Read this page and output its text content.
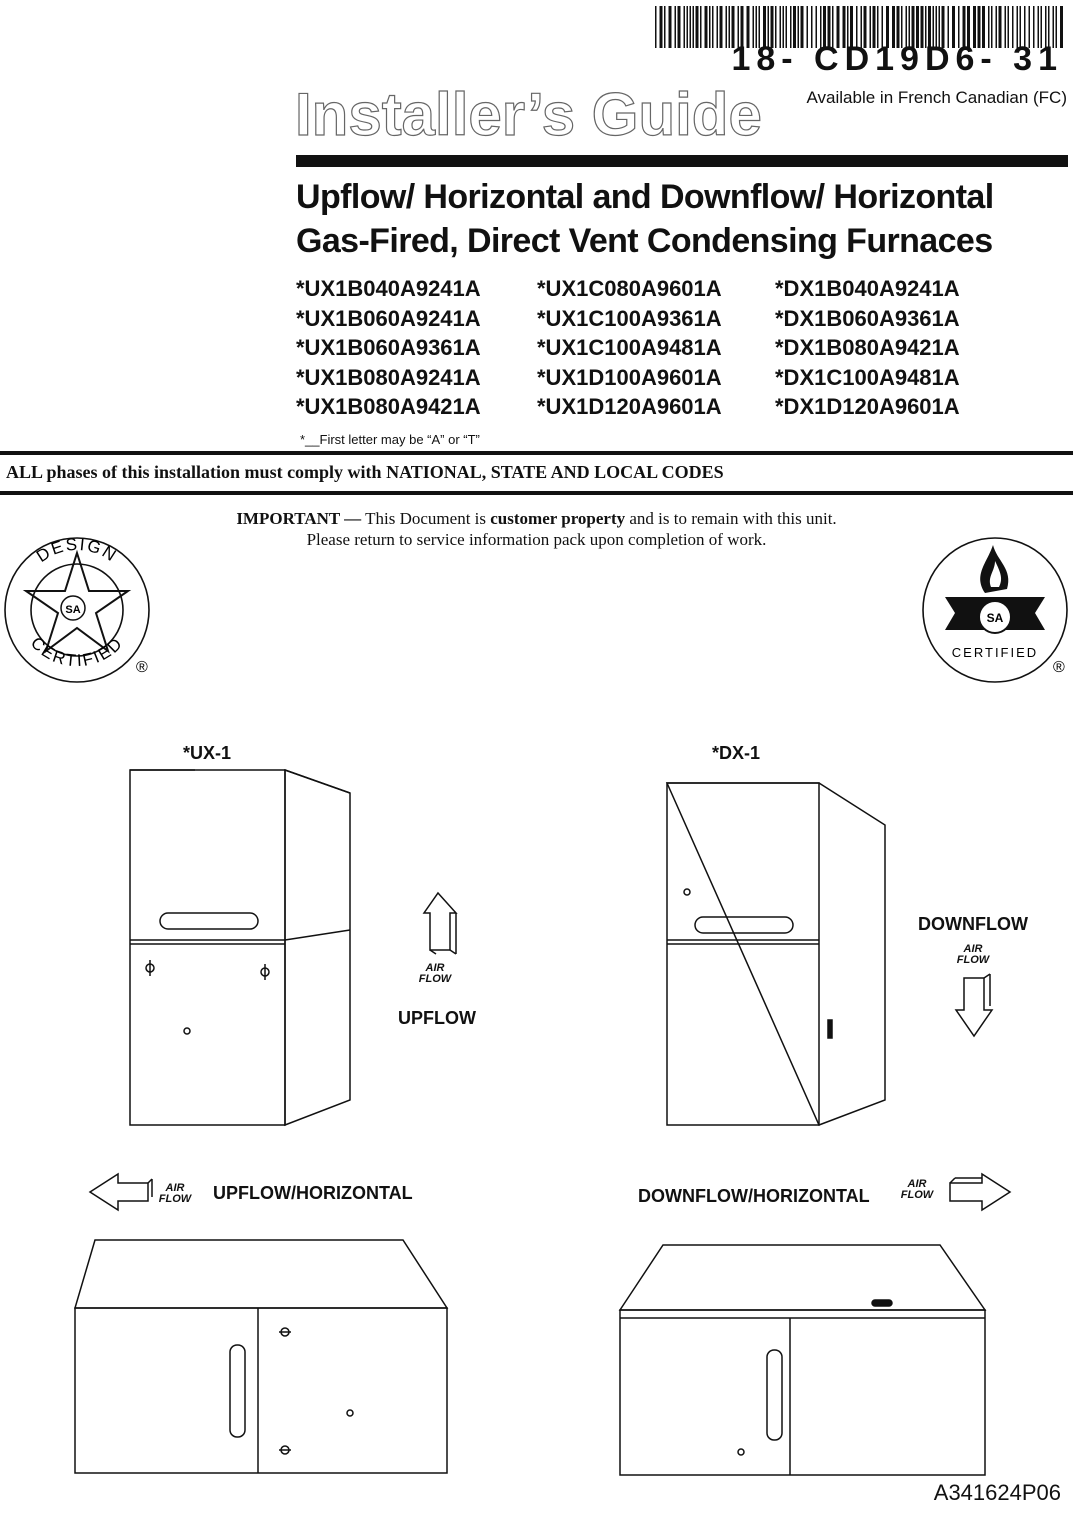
18- CD19D6- 31
Available in French Canadian (FC)
Installer’s Guide
Upflow/ Horizontal and Downflow/ Horizontal
Gas-Fired, Direct Vent Condensing Furnaces
*UX1B040A9241A
*UX1B060A9241A
*UX1B060A9361A
*UX1B080A9241A
*UX1B080A9421A
*UX1C080A9601A
*UX1C100A9361A
*UX1C100A9481A
*UX1D100A9601A
*UX1D120A9601A
*DX1B040A9241A
*DX1B060A9361A
*DX1B080A9421A
*DX1C100A9481A
*DX1D120A9601A
*__First letter may be “A” or “T”
ALL phases of this installation must comply with NATIONAL, STATE AND LOCAL CODES
IMPORTANT — This Document is customer property and is to remain with this unit.
Please return to service information pack upon completion of work.
SA
DESIGN
CERTIFIED
®
SA
CERTIFIED
®
*UX-1	*DX-1
UPFLOW
DOWNFLOW
UPFLOW/HORIZONTAL	DOWNFLOW/HORIZONTAL
AIR
FLOW
AIR
FLOW
AIR
FLOW
AIR
FLOW
A341624P06
